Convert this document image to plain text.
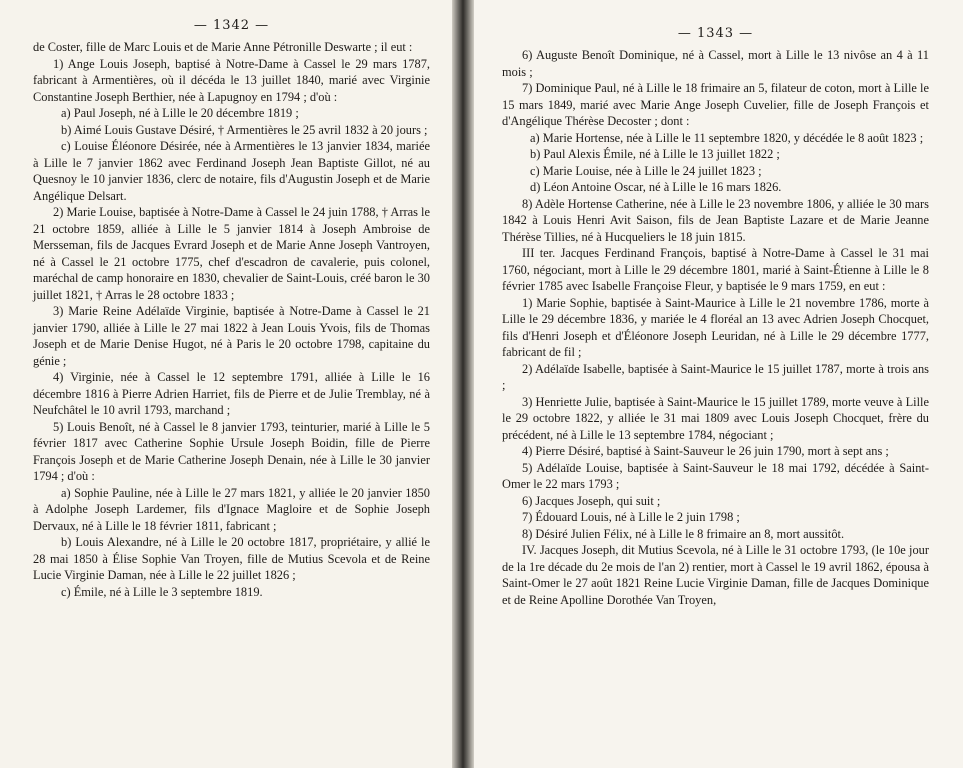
— 1342 —

de Coster, fille de Marc Louis et de Marie Anne Pétronille Deswarte ; il eut :

1) Ange Louis Joseph, baptisé à Notre-Dame à Cassel le 29 mars 1787, fabricant à Armentières, où il décéda le 13 juillet 1840, marié avec Virginie Constantine Joseph Berthier, née à Lapugnoy en 1794 ; d'où :

a) Paul Joseph, né à Lille le 20 décembre 1819 ;

b) Aimé Louis Gustave Désiré, † Armentières le 25 avril 1832 à 20 jours ;

c) Louise Éléonore Désirée, née à Armentières le 13 janvier 1834, mariée à Lille le 7 janvier 1862 avec Ferdinand Joseph Jean Baptiste Gillot, né au Quesnoy le 10 janvier 1836, clerc de notaire, fils d'Augustin Joseph et de Marie Angélique Delsart.

2) Marie Louise, baptisée à Notre-Dame à Cassel le 24 juin 1788, † Arras le 21 octobre 1859, alliée à Lille le 5 janvier 1814 à Joseph Ambroise de Mersseman, fils de Jacques Evrard Joseph et de Marie Anne Joseph Vantroyen, né à Cassel le 21 octobre 1775, chef d'escadron de cavalerie, puis colonel, maréchal de camp honoraire en 1830, chevalier de Saint-Louis, créé baron le 30 juillet 1821, † Arras le 28 octobre 1833 ;

3) Marie Reine Adélaïde Virginie, baptisée à Notre-Dame à Cassel le 21 janvier 1790, alliée à Lille le 27 mai 1822 à Jean Louis Yvois, fils de Thomas Joseph et de Marie Denise Hugot, né à Paris le 20 octobre 1798, capitaine du génie ;

4) Virginie, née à Cassel le 12 septembre 1791, alliée à Lille le 16 décembre 1816 à Pierre Adrien Harriet, fils de Pierre et de Julie Tremblay, né à Neufchâtel le 10 avril 1793, marchand ;

5) Louis Benoît, né à Cassel le 8 janvier 1793, teinturier, marié à Lille le 5 février 1817 avec Catherine Sophie Ursule Joseph Boidin, fille de Pierre François Joseph et de Marie Catherine Joseph Denain, née à Lille le 30 janvier 1794 ; d'où :

a) Sophie Pauline, née à Lille le 27 mars 1821, y alliée le 20 janvier 1850 à Adolphe Joseph Lardemer, fils d'Ignace Magloire et de Sophie Joseph Dervaux, né à Lille le 18 février 1811, fabricant ;

b) Louis Alexandre, né à Lille le 20 octobre 1817, propriétaire, y allié le 28 mai 1850 à Élise Sophie Van Troyen, fille de Mutius Scevola et de Reine Lucie Virginie Daman, née à Lille le 22 juillet 1826 ;

c) Émile, né à Lille le 3 septembre 1819.

— 1343 —

6) Auguste Benoît Dominique, né à Cassel, mort à Lille le 13 nivôse an 4 à 11 mois ;

7) Dominique Paul, né à Lille le 18 frimaire an 5, filateur de coton, mort à Lille le 15 mars 1849, marié avec Marie Ange Joseph Cuvelier, fille de Joseph François et d'Angélique Thérèse Decoster ; dont :

a) Marie Hortense, née à Lille le 11 septembre 1820, y décédée le 8 août 1823 ;

b) Paul Alexis Émile, né à Lille le 13 juillet 1822 ;

c) Marie Louise, née à Lille le 24 juillet 1823 ;

d) Léon Antoine Oscar, né à Lille le 16 mars 1826.

8) Adèle Hortense Catherine, née à Lille le 23 novembre 1806, y alliée le 30 mars 1842 à Louis Henri Avit Saison, fils de Jean Baptiste Lazare et de Marie Jeanne Thérèse Tillies, né à Hucqueliers le 18 juin 1815.

III ter. Jacques Ferdinand François, baptisé à Notre-Dame à Cassel le 31 mai 1760, négociant, mort à Lille le 29 décembre 1801, marié à Saint-Étienne à Lille le 8 février 1785 avec Isabelle Françoise Fleur, y baptisée le 9 mars 1759, en eut :

1) Marie Sophie, baptisée à Saint-Maurice à Lille le 21 novembre 1786, morte à Lille le 29 décembre 1836, y mariée le 4 floréal an 13 avec Adrien Joseph Chocquet, fils d'Henri Joseph et d'Éléonore Joseph Leuridan, né à Lille le 29 décembre 1777, fabricant de fil ;

2) Adélaïde Isabelle, baptisée à Saint-Maurice le 15 juillet 1787, morte à trois ans ;

3) Henriette Julie, baptisée à Saint-Maurice le 15 juillet 1789, morte veuve à Lille le 29 octobre 1822, y alliée le 31 mai 1809 avec Louis Joseph Chocquet, frère du précédent, né à Lille le 13 septembre 1784, négociant ;

4) Pierre Désiré, baptisé à Saint-Sauveur le 26 juin 1790, mort à sept ans ;

5) Adélaïde Louise, baptisée à Saint-Sauveur le 18 mai 1792, décédée à Saint-Omer le 22 mars 1793 ;

6) Jacques Joseph, qui suit ;

7) Édouard Louis, né à Lille le 2 juin 1798 ;

8) Désiré Julien Félix, né à Lille le 8 frimaire an 8, mort aussitôt.

IV. Jacques Joseph, dit Mutius Scevola, né à Lille le 31 octobre 1793, (le 10e jour de la 1re décade du 2e mois de l'an 2) rentier, mort à Cassel le 19 avril 1862, épousa à Saint-Omer le 27 août 1821 Reine Lucie Virginie Daman, fille de Jacques Dominique et de Reine Apolline Dorothée Van Troyen,
